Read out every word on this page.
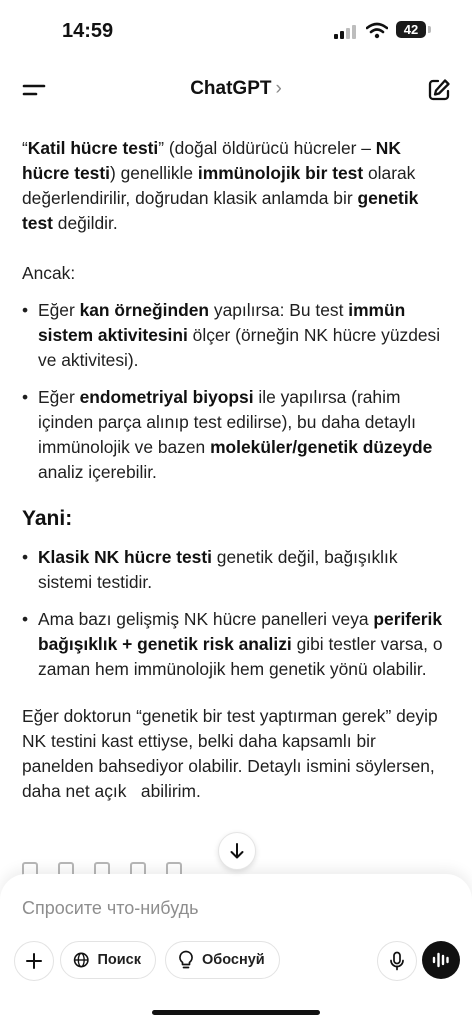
14:59	42
ChatGPT ›

“Katil hücre testi” (doğal öldürücü hücreler – NK hücre testi) genellikle immünolojik bir test olarak değerlendirilir, doğrudan klasik anlamda bir genetik test değildir.

Ancak:

• Eğer kan örneğinden yapılırsa: Bu test immün sistem aktivitesini ölçer (örneğin NK hücre yüzdesi ve aktivitesi).
• Eğer endometriyal biyopsi ile yapılırsa (rahim içinden parça alınıp test edilirse), bu daha detaylı immünolojik ve bazen moleküler/genetik düzeyde analiz içerebilir.

Yani:

• Klasik NK hücre testi genetik değil, bağışıklık sistemi testidir.
• Ama bazı gelişmiş NK hücre panelleri veya periferik bağışıklık + genetik risk analizi gibi testler varsa, o zaman hem immünolojik hem genetik yönü olabilir.

Eğer doktorun “genetik bir test yaptırman gerek” deyip NK testini kast ettiyse, belki daha kapsamlı bir panelden bahsediyor olabilir. Detaylı ismini söylersen, daha net açık abilirim.

Спросите что-нибудь
Поиск	Обоснуй
